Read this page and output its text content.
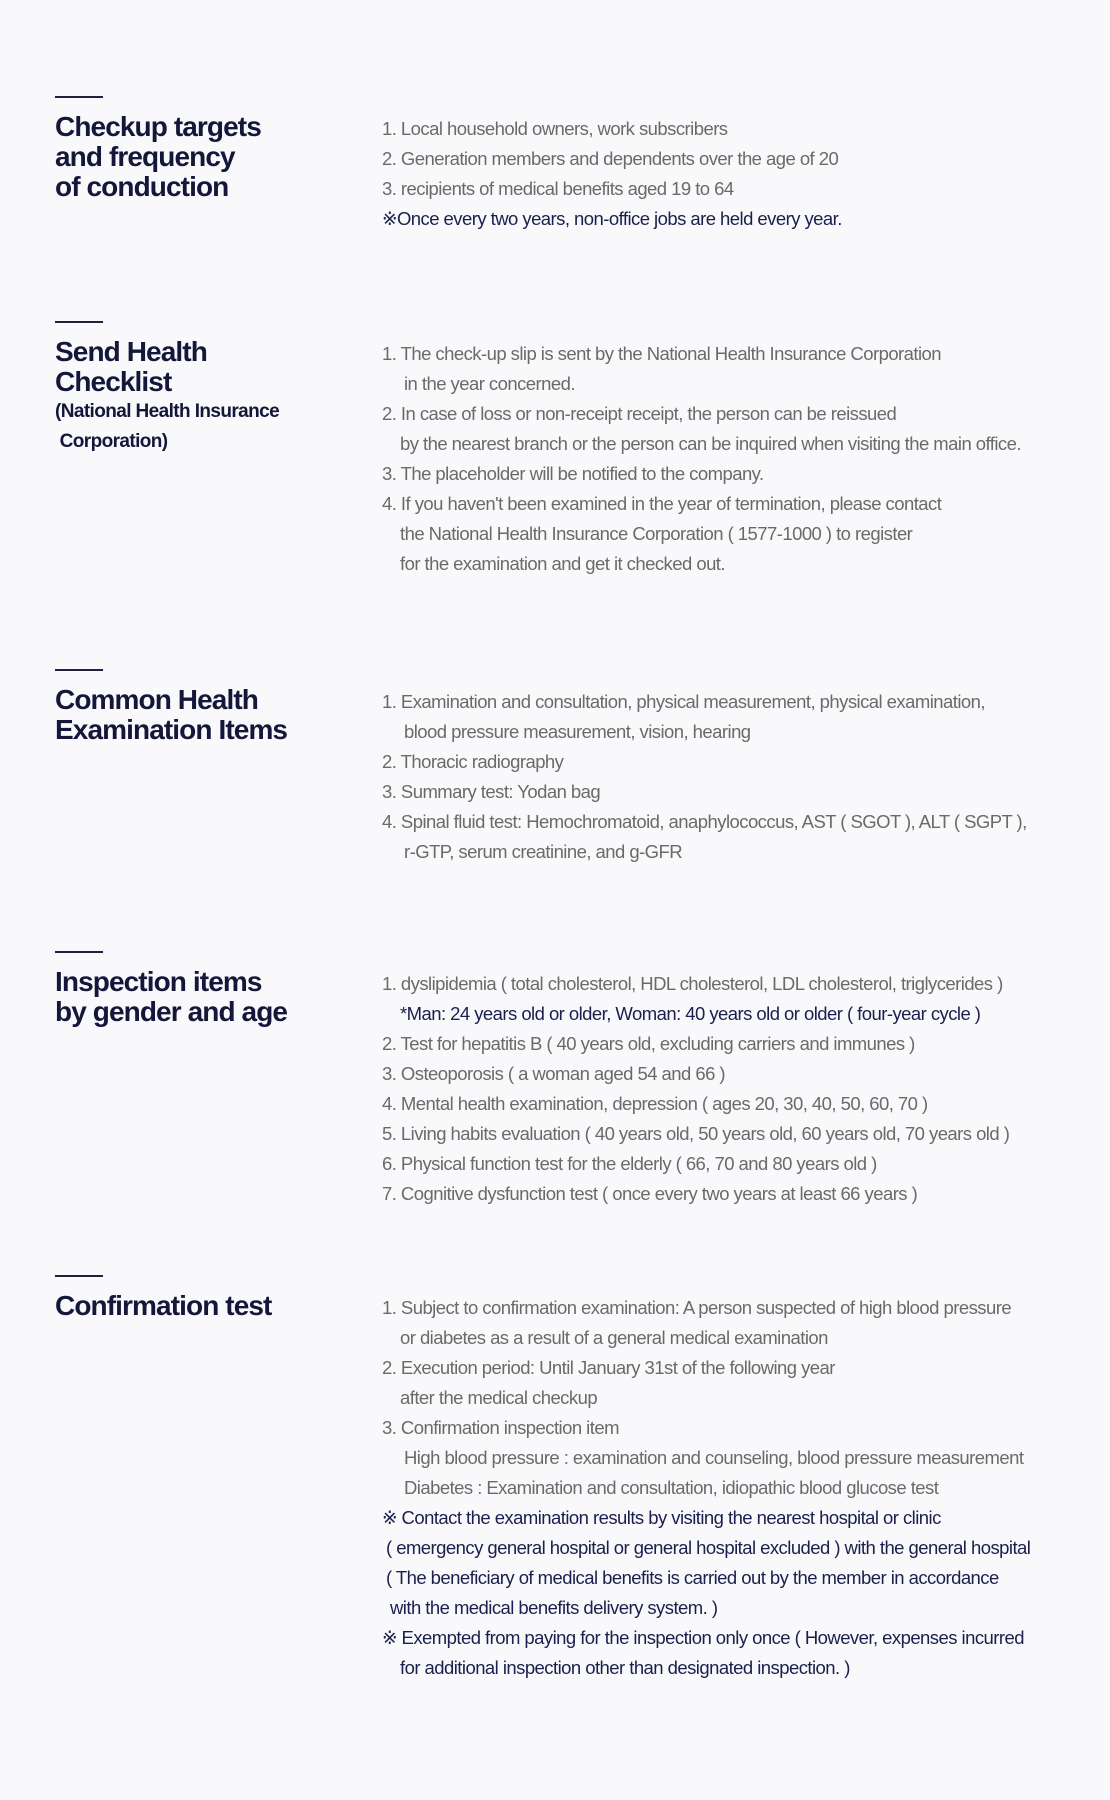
Checkup targets
and frequency
of conduction
1. Local household owners, work subscribers
2. Generation members and dependents over the age of 20
3. recipients of medical benefits aged 19 to 64
※Once every two years, non-office jobs are held every year.
Send Health
Checklist
(National Health Insurance
Corporation)
1. The check-up slip is sent by the National Health Insurance Corporation
in the year concerned.
2. In case of loss or non-receipt receipt, the person can be reissued
by the nearest branch or the person can be inquired when visiting the main office.
3. The placeholder will be notified to the company.
4. If you haven't been examined in the year of termination, please contact
the National Health Insurance Corporation ( 1577-1000 ) to register
for the examination and get it checked out.
Common Health
Examination Items
1. Examination and consultation, physical measurement, physical examination,
blood pressure measurement, vision, hearing
2. Thoracic radiography
3. Summary test: Yodan bag
4. Spinal fluid test: Hemochromatoid, anaphylococcus, AST ( SGOT ), ALT ( SGPT ),
r-GTP, serum creatinine, and g-GFR
Inspection items
by gender and age
1. dyslipidemia ( total cholesterol, HDL cholesterol, LDL cholesterol, triglycerides )
*Man: 24 years old or older, Woman: 40 years old or older ( four-year cycle )
2. Test for hepatitis B ( 40 years old, excluding carriers and immunes )
3. Osteoporosis ( a woman aged 54 and 66 )
4. Mental health examination, depression ( ages 20, 30, 40, 50, 60, 70 )
5. Living habits evaluation ( 40 years old, 50 years old, 60 years old, 70 years old )
6. Physical function test for the elderly ( 66, 70 and 80 years old )
7. Cognitive dysfunction test ( once every two years at least 66 years )
Confirmation test	1. Subject to confirmation examination: A person suspected of high blood pressure
or diabetes as a result of a general medical examination
2. Execution period: Until January 31st of the following year
after the medical checkup
3. Confirmation inspection item
High blood pressure : examination and counseling, blood pressure measurement
Diabetes : Examination and consultation, idiopathic blood glucose test
※ Contact the examination results by visiting the nearest hospital or clinic
( emergency general hospital or general hospital excluded ) with the general hospital
( The beneficiary of medical benefits is carried out by the member in accordance
with the medical benefits delivery system. )
※ Exempted from paying for the inspection only once ( However, expenses incurred
for additional inspection other than designated inspection. )
